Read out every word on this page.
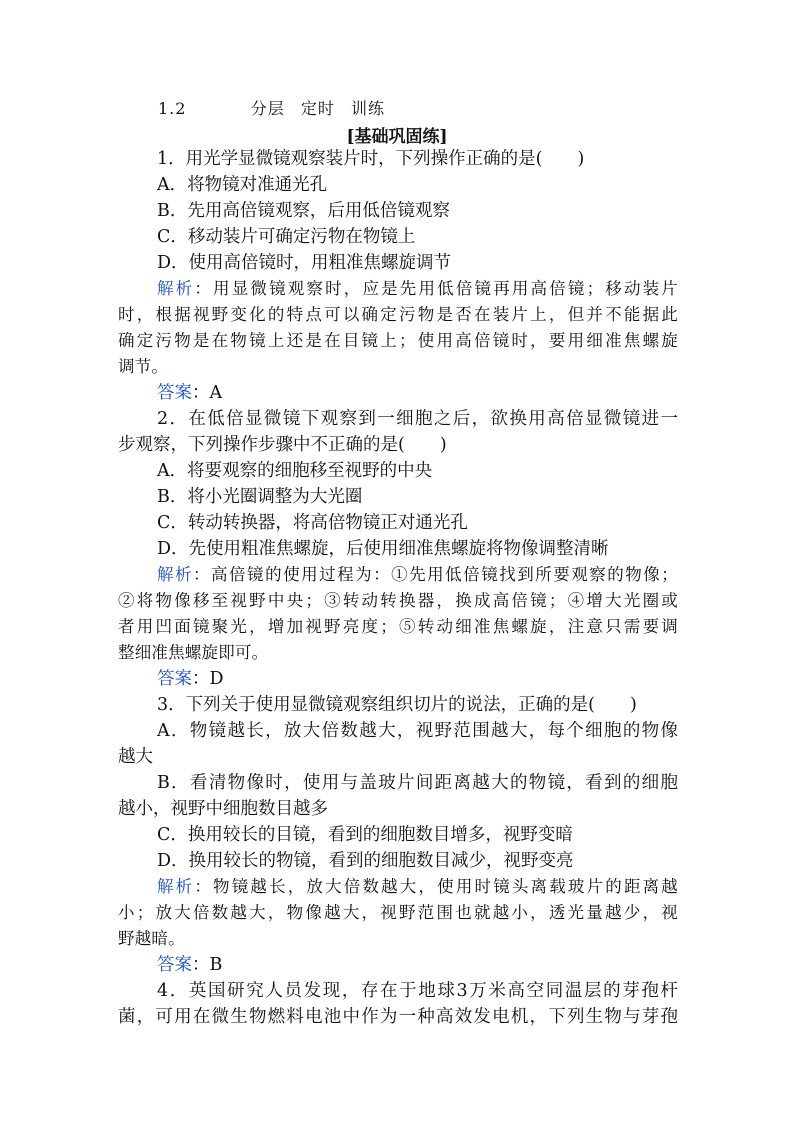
1.2	分层 定时 训练
[基础巩固练]
1．用光学显微镜观察装片时，下列操作正确的是(　　)
A．将物镜对准通光孔
B．先用高倍镜观察，后用低倍镜观察
C．移动装片可确定污物在物镜上
D．使用高倍镜时，用粗准焦螺旋调节
解析：用显微镜观察时，应是先用低倍镜再用高倍镜；移动装片
时，根据视野变化的特点可以确定污物是否在装片上，但并不能据此
确定污物是在物镜上还是在目镜上；使用高倍镜时，要用细准焦螺旋
调节。
答案：A
2．在低倍显微镜下观察到一细胞之后，欲换用高倍显微镜进一
步观察，下列操作步骤中不正确的是(　　)
A．将要观察的细胞移至视野的中央
B．将小光圈调整为大光圈
C．转动转换器，将高倍物镜正对通光孔
D．先使用粗准焦螺旋，后使用细准焦螺旋将物像调整清晰
解析：高倍镜的使用过程为：①先用低倍镜找到所要观察的物像；
②将物像移至视野中央；③转动转换器，换成高倍镜；④增大光圈或
者用凹面镜聚光，增加视野亮度；⑤转动细准焦螺旋，注意只需要调
整细准焦螺旋即可。
答案：D
3．下列关于使用显微镜观察组织切片的说法，正确的是(　　)
A．物镜越长，放大倍数越大，视野范围越大，每个细胞的物像
越大
B．看清物像时，使用与盖玻片间距离越大的物镜，看到的细胞
越小，视野中细胞数目越多
C．换用较长的目镜，看到的细胞数目增多，视野变暗
D．换用较长的物镜，看到的细胞数目减少，视野变亮
解析：物镜越长，放大倍数越大，使用时镜头离载玻片的距离越
小；放大倍数越大，物像越大，视野范围也就越小，透光量越少，视
野越暗。
答案：B
4．英国研究人员发现，存在于地球3万米高空同温层的芽孢杆
菌，可用在微生物燃料电池中作为一种高效发电机，下列生物与芽孢
